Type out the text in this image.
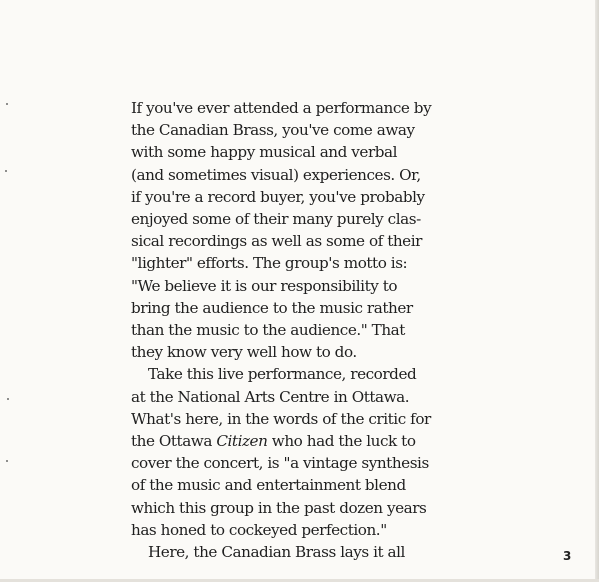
If you've ever attended a performance by
the Canadian Brass, you've come away
with some happy musical and verbal
(and sometimes visual) experiences. Or,
if you're a record buyer, you've probably
enjoyed some of their many purely clas-
sical recordings as well as some of their
"lighter" efforts. The group's motto is:
"We believe it is our responsibility to
bring the audience to the music rather
than the music to the audience." That
they know very well how to do.

Take this live performance, recorded
at the National Arts Centre in Ottawa.
What's here, in the words of the critic for
the Ottawa Citizen who had the luck to
cover the concert, is "a vintage synthesis
of the music and entertainment blend
which this group in the past dozen years
has honed to cockeyed perfection."

Here, the Canadian Brass lays it all	3
